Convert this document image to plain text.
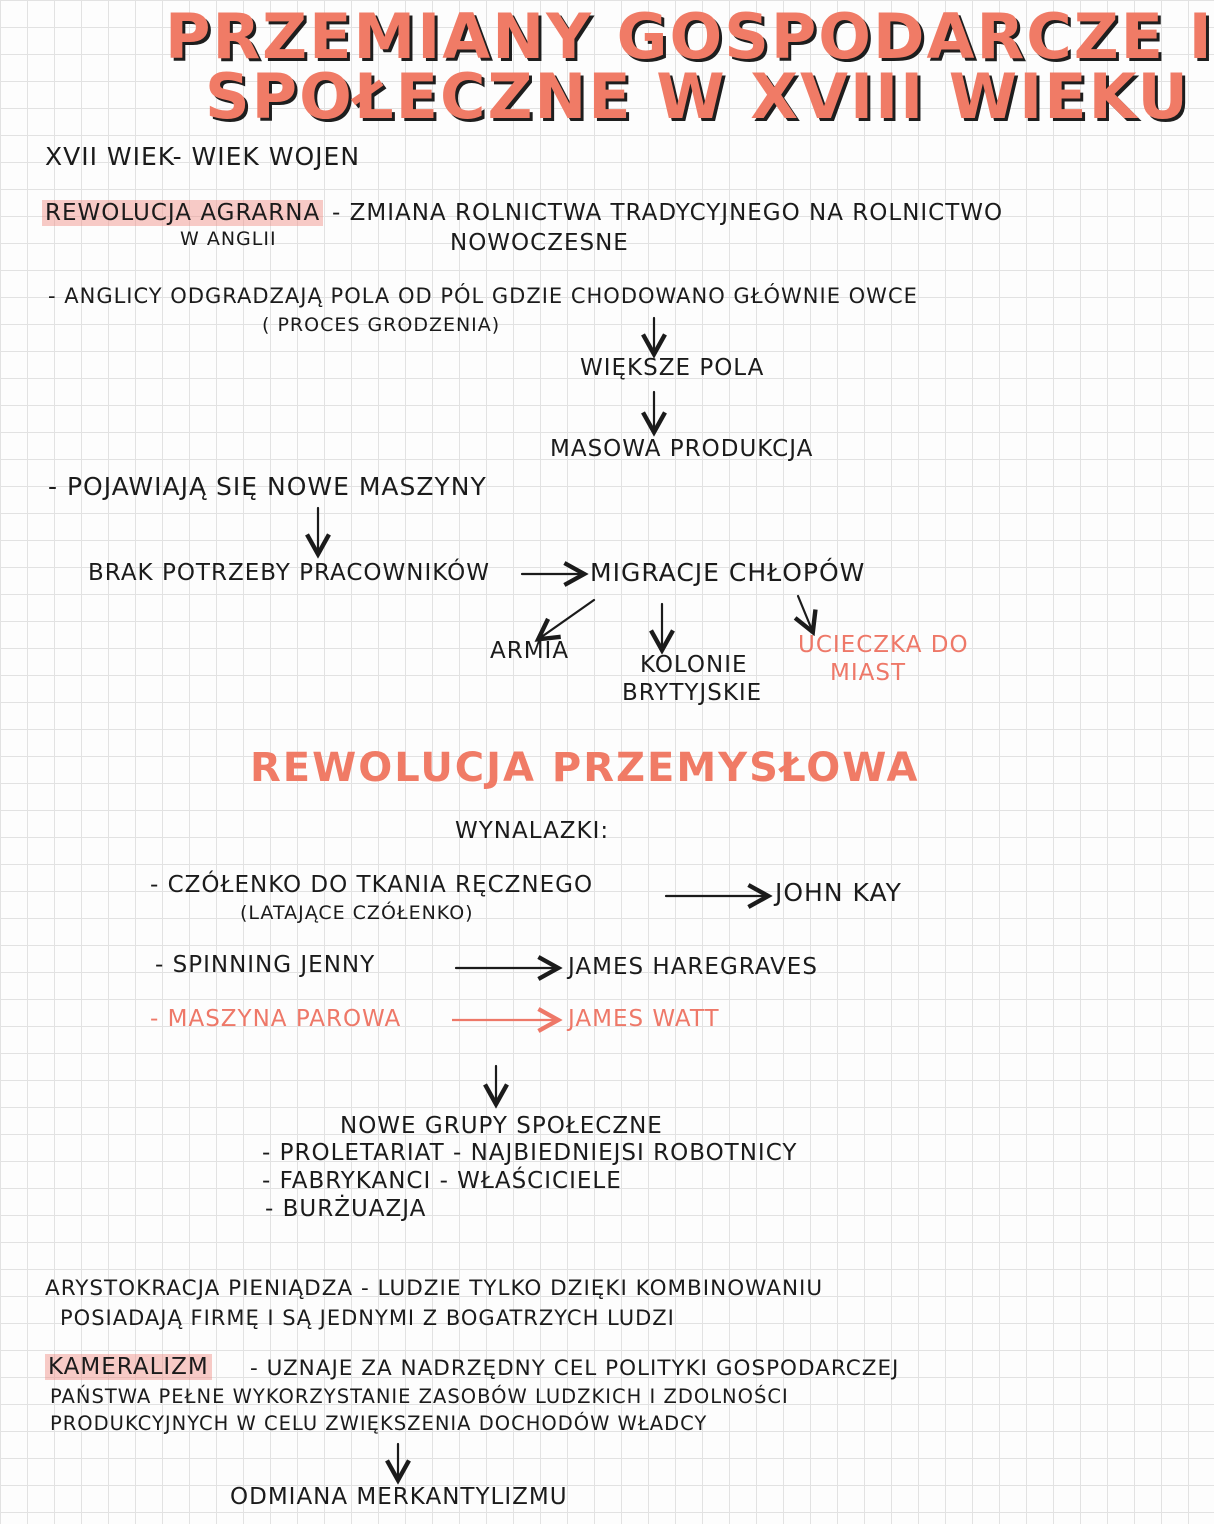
PRZEMIANY GOSPODARCZE I
SPOŁECZNE W XVIII WIEKU
XVII WIEK- WIEK WOJEN
REWOLUCJA AGRARNA - ZMIANA ROLNICTWA TRADYCYJNEGO NA ROLNICTWO
W ANGLII	NOWOCZESNE
- ANGLICY ODGRADZAJĄ POLA OD PÓL GDZIE CHODOWANO GŁÓWNIE OWCE
( PROCES GRODZENIA)
WIĘKSZE POLA
MASOWA PRODUKCJA
- POJAWIAJĄ SIĘ NOWE MASZYNY
BRAK POTRZEBY PRACOWNIKÓW	MIGRACJE CHŁOPÓW
ARMIA
KOLONIE
BRYTYJSKIE
UCIECZKA DO
MIAST
REWOLUCJA PRZEMYSŁOWA
WYNALAZKI:
- CZÓŁENKO DO TKANIA RĘCZNEGO
(LATAJĄCE CZÓŁENKO)
JOHN KAY
- SPINNING JENNY	JAMES HAREGRAVES
- MASZYNA PAROWA	JAMES WATT
NOWE GRUPY SPOŁECZNE
- PROLETARIAT - NAJBIEDNIEJSI ROBOTNICY
- FABRYKANCI - WŁAŚCICIELE
- BURŻUAZJA
ARYSTOKRACJA PIENIĄDZA - LUDZIE TYLKO DZIĘKI KOMBINOWANIU
POSIADAJĄ FIRMĘ I SĄ JEDNYMI Z BOGATRZYCH LUDZI
KAMERALIZM - UZNAJE ZA NADRZĘDNY CEL POLITYKI GOSPODARCZEJ
PAŃSTWA PEŁNE WYKORZYSTANIE ZASOBÓW LUDZKICH I ZDOLNOŚCI
PRODUKCYJNYCH W CELU ZWIĘKSZENIA DOCHODÓW WŁADCY
ODMIANA MERKANTYLIZMU
